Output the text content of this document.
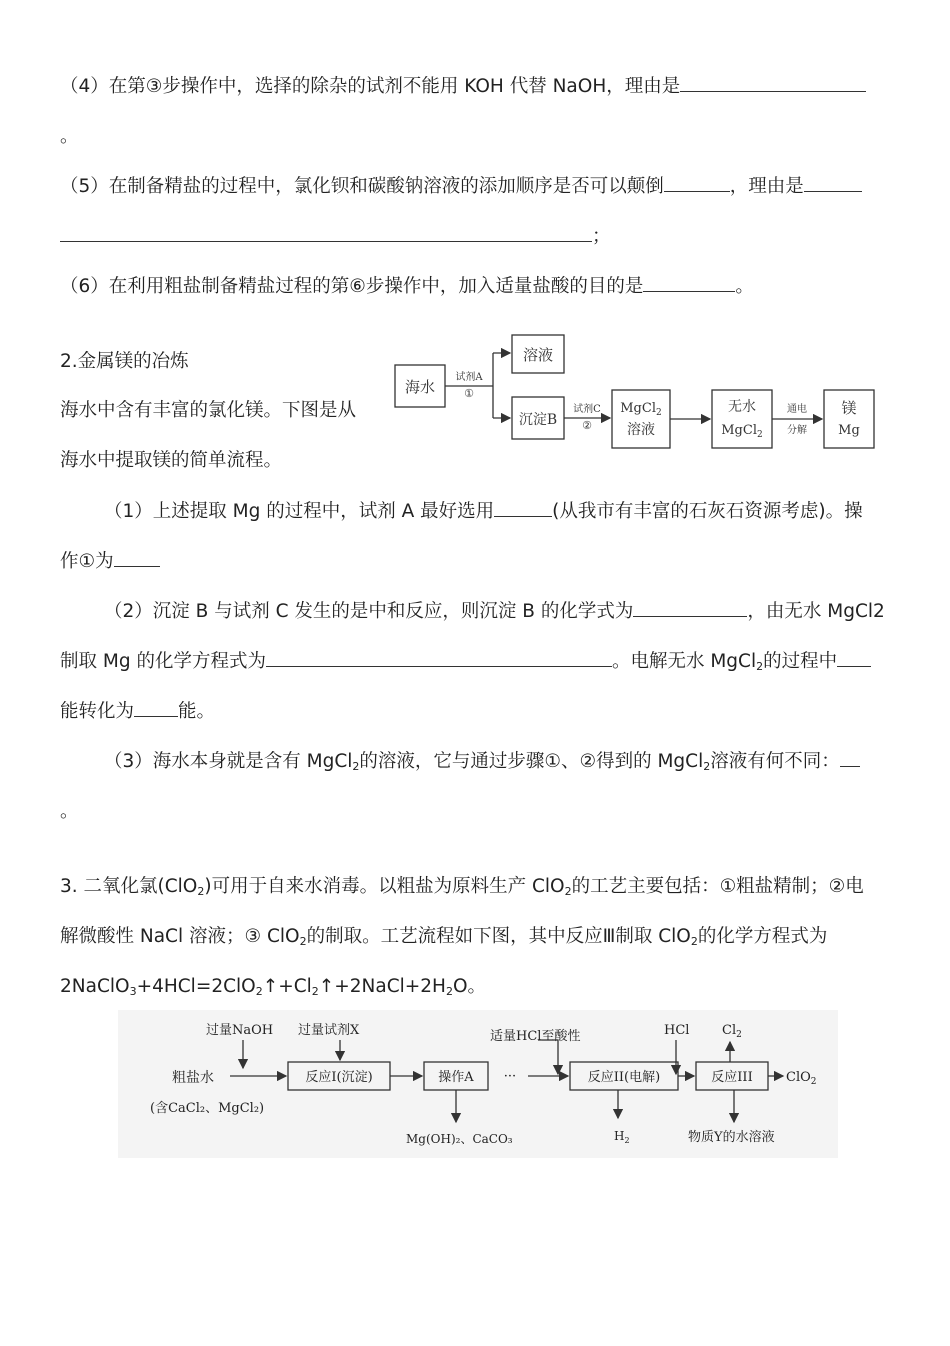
（4）在第③步操作中，选择的除杂的试剂不能用 KOH 代替 NaOH，理由是
。
（5）在制备精盐的过程中，氯化钡和碳酸钠溶液的添加顺序是否可以颠倒	，理由是
；
（6）在利用粗盐制备精盐过程的第⑥步操作中，加入适量盐酸的目的是	。
2.金属镁的冶炼
海水中含有丰富的氯化镁。下图是从
海水中提取镁的简单流程。
海水
试剂A
①
溶液
沉淀B
试剂C
②
MgCl$_2$
溶液
无水
MgCl$_2$
通电
分解
镁
Mg
（1）上述提取 Mg 的过程中，试剂 A 最好选用	(从我市有丰富的石灰石资源考虑)。操
作①为
（2）沉淀 B 与试剂 C 发生的是中和反应，则沉淀 B 的化学式为	，由无水 MgCl2
制取 Mg 的化学方程式为	。电解无水 MgCl$_2$的过程中
能转化为 能。
（3）海水本身就是含有 MgCl$_2$的溶液，它与通过步骤①、②得到的 MgCl$_2$溶液有何不同：
。
3. 二氧化氯(ClO$_2$)可用于自来水消毒。以粗盐为原料生产 ClO$_2$的工艺主要包括：①粗盐精制；②电
解微酸性 NaCl 溶液；③ ClO$_2$的制取。工艺流程如下图，其中反应Ⅲ制取 ClO$_2$的化学方程式为
$2NaClO_3+4HCl=2ClO_2↑+Cl_2↑+2NaCl+2H_2O$。
过量NaOH 过量试剂X	适量HCl至酸性	HCl	$Cl_2$
粗盐水
(含CaCl₂、MgCl₂)
反应I(沉淀)	操作A ···	反应II(电解)	反应III	ClO$_2$
Mg(OH)₂、CaCO₃	$H_2$	物质Y的水溶液
